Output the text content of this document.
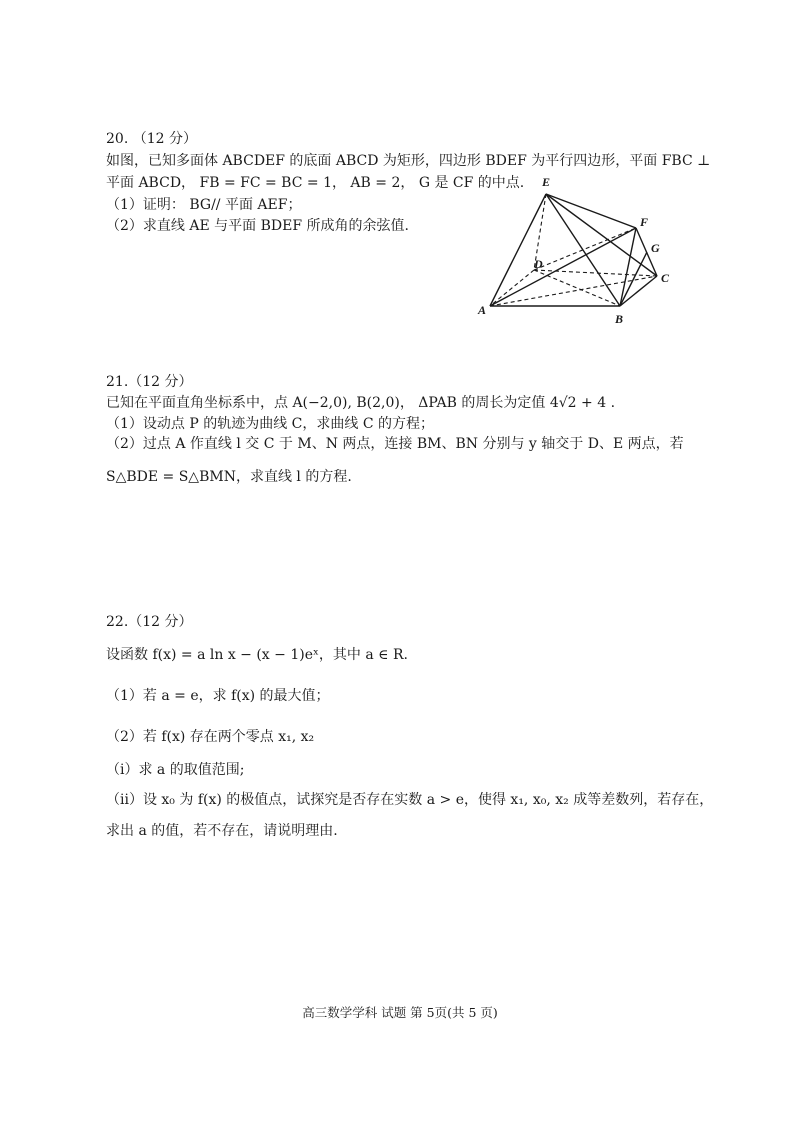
20. （12 分）
如图，已知多面体 ABCDEF 的底面 ABCD 为矩形，四边形 BDEF 为平行四边形，平面 FBC ⊥
平面 ABCD， FB = FC = BC = 1， AB = 2， G 是 CF 的中点.
（1）证明： BG// 平面 AEF；
（2）求直线 AE 与平面 BDEF 所成角的余弦值.
E
F
G
D
C
A
B
21.（12 分）
已知在平面直角坐标系中，点 A(−2,0), B(2,0)， ΔPAB 的周长为定值 4√2 + 4 .
（1）设动点 P 的轨迹为曲线 C，求曲线 C 的方程；
（2）过点 A 作直线 l 交 C 于 M、N 两点，连接 BM、BN 分别与 y 轴交于 D、E 两点，若
S△BDE = S△BMN，求直线 l 的方程.
22.（12 分）
设函数 f(x) = a ln x − (x − 1)eˣ，其中 a ∈ R.
（1）若 a = e，求 f(x) 的最大值；
（2）若 f(x) 存在两个零点 x₁, x₂
（i）求 a 的取值范围;
（ii）设 x₀ 为 f(x) 的极值点，试探究是否存在实数 a > e，使得 x₁, x₀, x₂ 成等差数列，若存在，
求出 a 的值，若不存在，请说明理由.
高三数学学科 试题 第 5页(共 5 页)
